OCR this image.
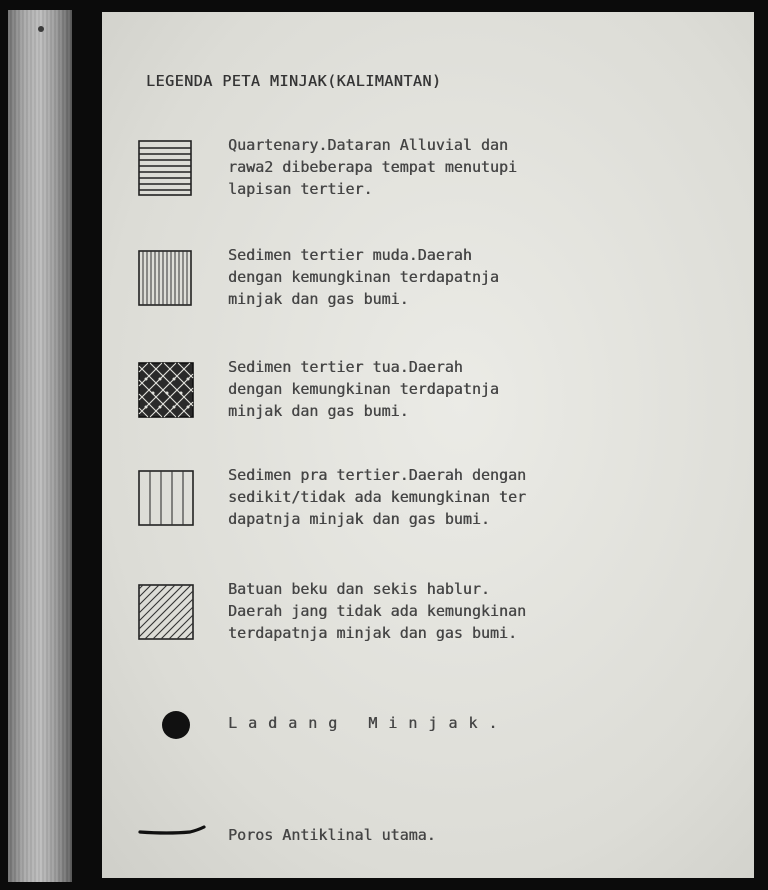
LEGENDA PETA MINJAK(KALIMANTAN)
Quartenary.Dataran Alluvial dan
rawa2 dibeberapa tempat menutupi
lapisan tertier.
Sedimen tertier muda.Daerah
dengan kemungkinan terdapatnja
minjak dan gas bumi.
Sedimen tertier tua.Daerah
dengan kemungkinan terdapatnja
minjak dan gas bumi.
Sedimen pra tertier.Daerah dengan
sedikit/tidak ada kemungkinan ter
dapatnja minjak dan gas bumi.
Batuan beku dan sekis hablur.
Daerah jang tidak ada kemungkinan
terdapatnja minjak dan gas bumi.
Ladang Minjak.
Poros Antiklinal utama.
